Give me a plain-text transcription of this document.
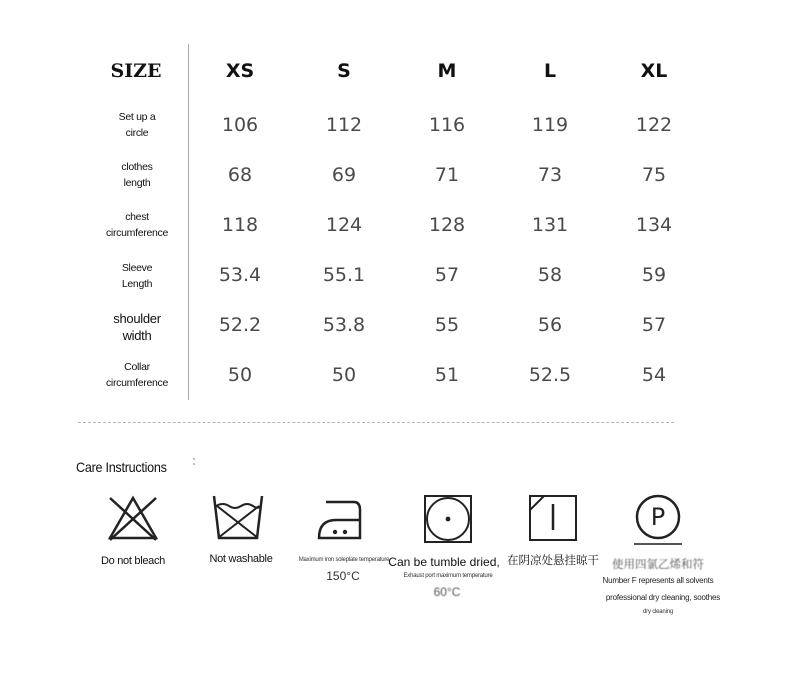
SIZE	XS	S	M	L	XL
Set up a
circle	106	112	116	119	122
clothes
length	68	69	71	73	75
chest
circumference	118	124	128	131	134
Sleeve
Length	53.4	55.1	57	58	59
shoulder
width	52.2	53.8	55	56	57
Collar
circumference	50	50	51	52.5	54
Care Instructions
Do not bleach	Not washable	Maximum iron soleplate temperature
150°C
Can be tumble dried,
Exhaust port maximum temperature
60°C
在阴凉处悬挂晾干
P
使用四氯乙烯和符
Number F represents all solvents
professional dry cleaning, soothes
dry cleaning
